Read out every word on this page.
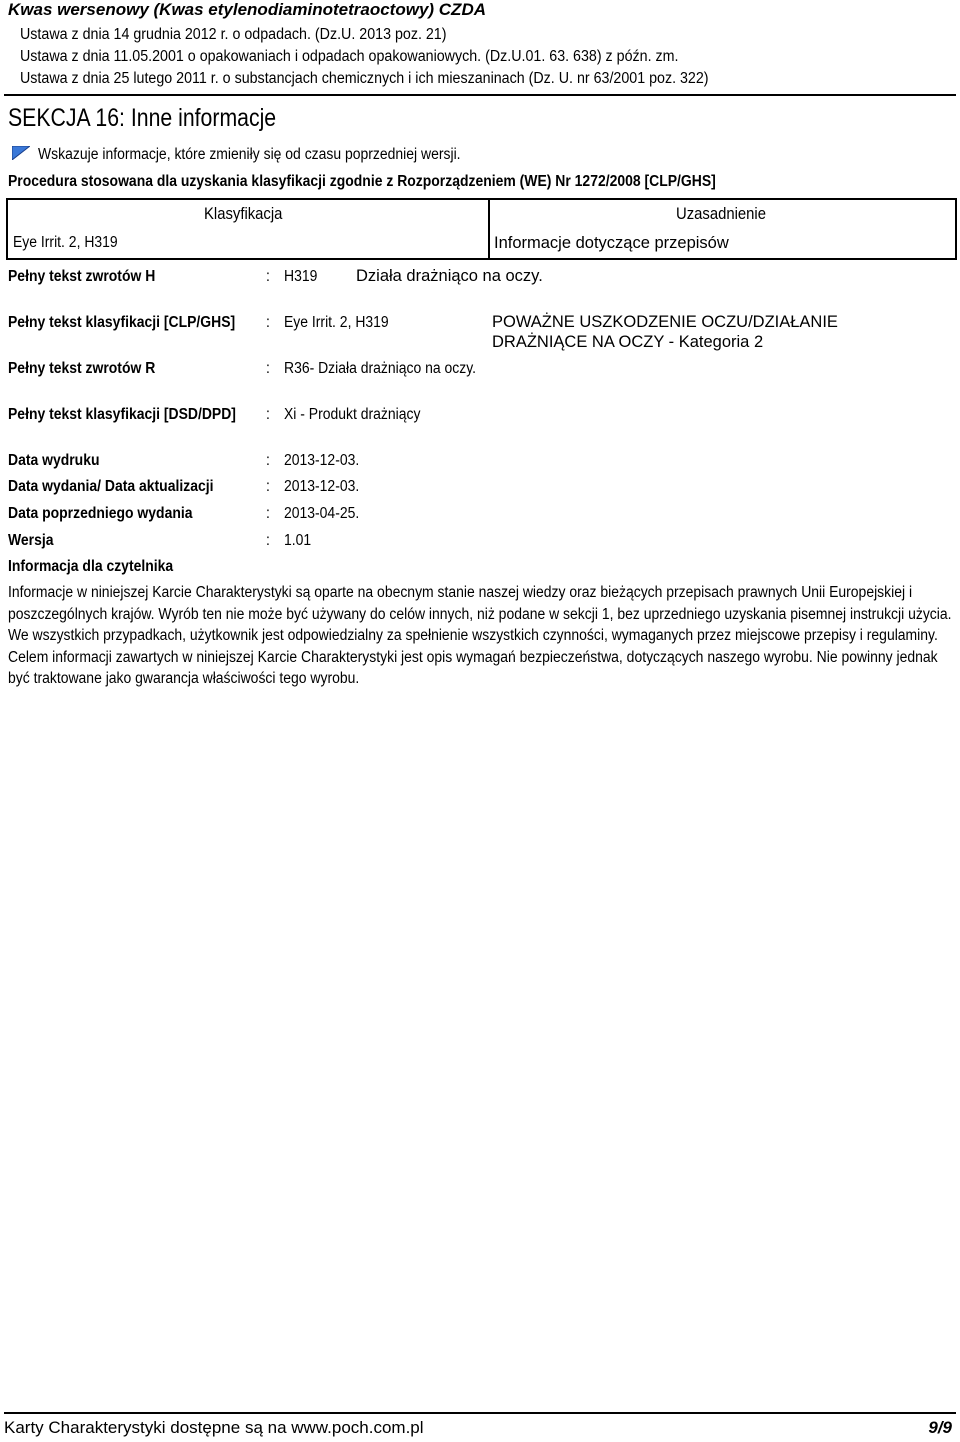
Kwas wersenowy (Kwas etylenodiaminotetraoctowy) CZDA
Ustawa z dnia 14 grudnia 2012 r. o odpadach. (Dz.U. 2013 poz. 21)
Ustawa z dnia 11.05.2001 o opakowaniach i odpadach opakowaniowych. (Dz.U.01. 63. 638) z późn. zm.
Ustawa z dnia 25 lutego 2011 r. o substancjach chemicznych i ich mieszaninach (Dz. U. nr 63/2001 poz. 322)
SEKCJA 16: Inne informacje
Wskazuje informacje, które zmieniły się od czasu poprzedniej wersji.
Procedura stosowana dla uzyskania klasyfikacji zgodnie z Rozporządzeniem (WE) Nr 1272/2008 [CLP/GHS]
Klasyfikacja	Uzasadnienie

Eye Irrit. 2, H319	Informacje dotyczące przepisów
Pełny tekst zwrotów H	: H319 Działa drażniąco na oczy.
Pełny tekst klasyfikacji [CLP/GHS] : Eye Irrit. 2, H319	POWAŻNE USZKODZENIE OCZU/DZIAŁANIE
DRAŻNIĄCE NA OCZY - Kategoria 2
Pełny tekst zwrotów R	: R36- Działa drażniąco na oczy.
Pełny tekst klasyfikacji [DSD/DPD] : Xi - Produkt drażniący
Data wydruku	: 2013-12-03.
Data wydania/ Data aktualizacji	: 2013-12-03.
Data poprzedniego wydania	: 2013-04-25.
Wersja	: 1.01
Informacja dla czytelnika
Informacje w niniejszej Karcie Charakterystyki są oparte na obecnym stanie naszej wiedzy oraz bieżących przepisach prawnych Unii Europejskiej i poszczególnych krajów. Wyrób ten nie może być używany do celów innych, niż podane w sekcji 1, bez uprzedniego uzyskania pisemnej instrukcji użycia. We wszystkich przypadkach, użytkownik jest odpowiedzialny za spełnienie wszystkich czynności, wymaganych przez miejscowe przepisy i regulaminy. Celem informacji zawartych w niniejszej Karcie Charakterystyki jest opis wymagań bezpieczeństwa, dotyczących naszego wyrobu. Nie powinny jednak być traktowane jako gwarancja właściwości tego wyrobu.
Karty Charakterystyki dostępne są na www.poch.com.pl	9/9
